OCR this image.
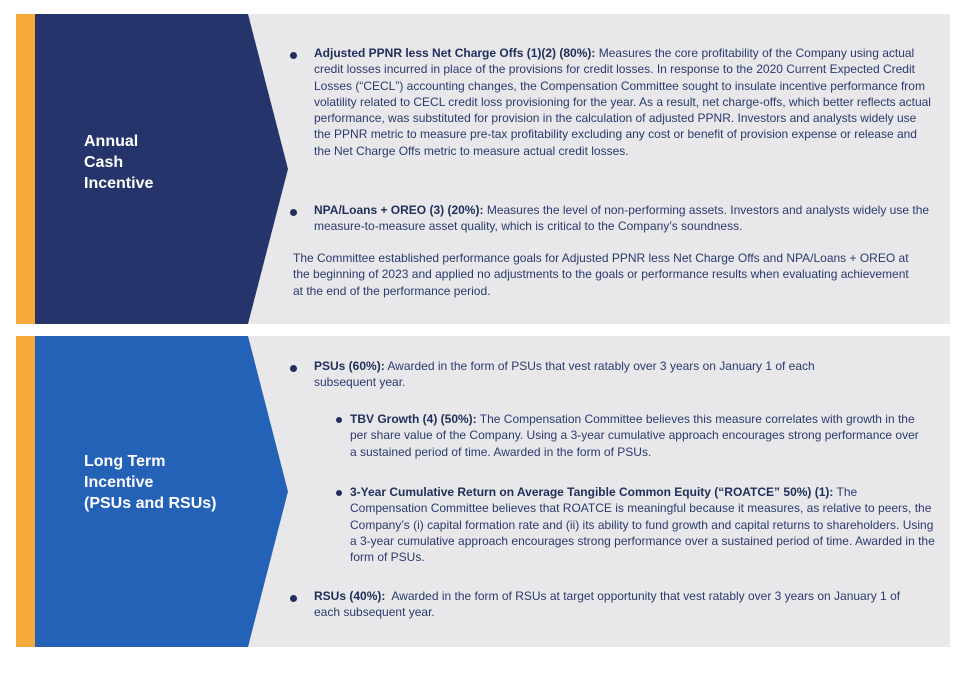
Annual
Cash
Incentive
Adjusted PPNR less Net Charge Offs (1)(2) (80%): Measures the core profitability of the Company using actual credit losses incurred in place of the provisions for credit losses. In response to the 2020 Current Expected Credit Losses (“CECL”) accounting changes, the Compensation Committee sought to insulate incentive performance from volatility related to CECL credit loss provisioning for the year. As a result, net charge-offs, which better reflects actual performance, was substituted for provision in the calculation of adjusted PPNR. Investors and analysts widely use the PPNR metric to measure pre-tax profitability excluding any cost or benefit of provision expense or release and the Net Charge Offs metric to measure actual credit losses.
NPA/Loans + OREO (3) (20%): Measures the level of non-performing assets. Investors and analysts widely use the measure-to-measure asset quality, which is critical to the Company’s soundness.
The Committee established performance goals for Adjusted PPNR less Net Charge Offs and NPA/Loans + OREO at the beginning of 2023 and applied no adjustments to the goals or performance results when evaluating achievement at the end of the performance period.
Long Term
Incentive
(PSUs and RSUs)
PSUs (60%): Awarded in the form of PSUs that vest ratably over 3 years on January 1 of each subsequent year.
TBV Growth (4) (50%): The Compensation Committee believes this measure correlates with growth in the per share value of the Company. Using a 3-year cumulative approach encourages strong performance over a sustained period of time. Awarded in the form of PSUs.
3-Year Cumulative Return on Average Tangible Common Equity (“ROATCE” 50%) (1): The Compensation Committee believes that ROATCE is meaningful because it measures, as relative to peers, the Company’s (i) capital formation rate and (ii) its ability to fund growth and capital returns to shareholders. Using a 3-year cumulative approach encourages strong performance over a sustained period of time. Awarded in the form of PSUs.
RSUs (40%):  Awarded in the form of RSUs at target opportunity that vest ratably over 3 years on January 1 of each subsequent year.
